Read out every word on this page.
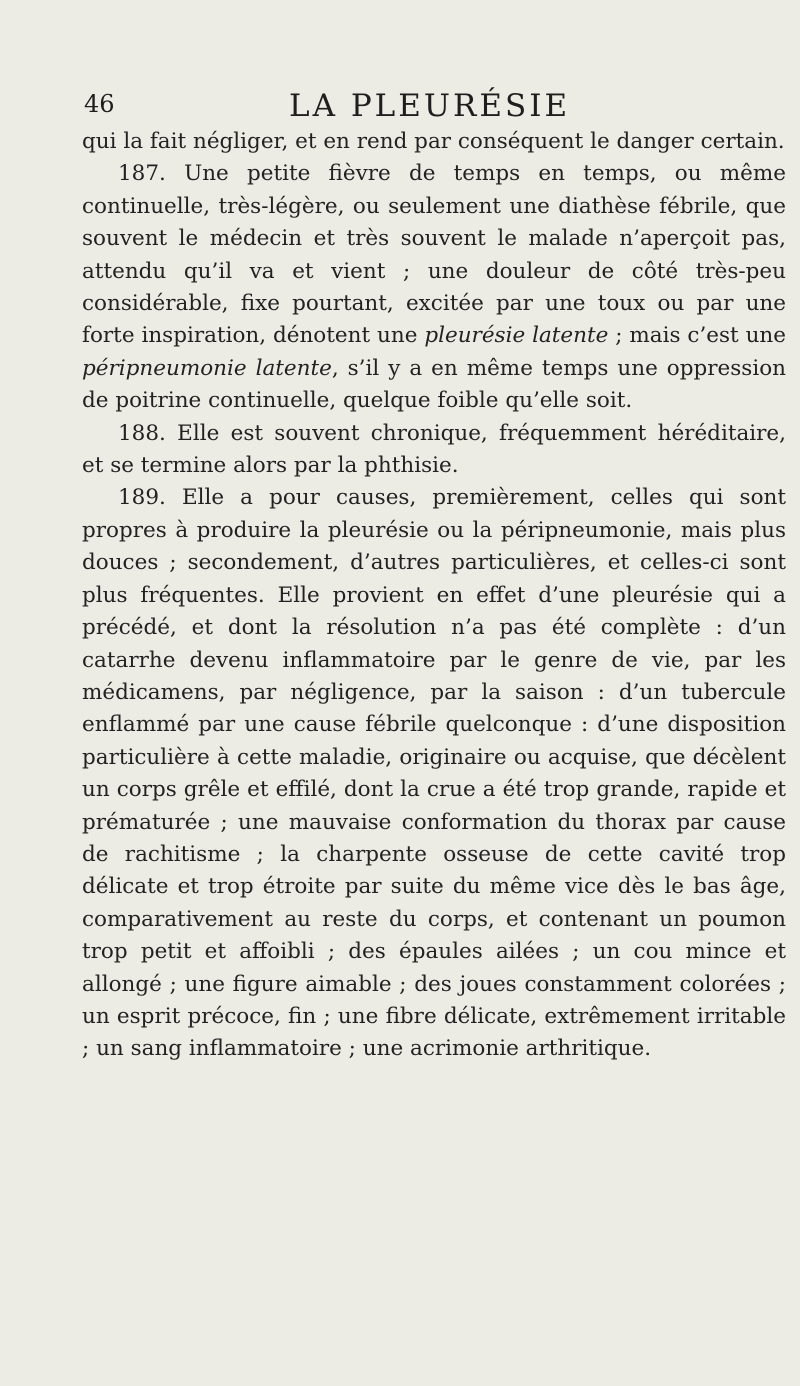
46	LA PLEURÉSIE

qui la fait négliger, et en rend par conséquent le danger certain.

187. Une petite fièvre de temps en temps, ou même continuelle, très-légère, ou seulement une diathèse fébrile, que souvent le médecin et très souvent le malade n’aperçoit pas, attendu qu’il va et vient ; une douleur de côté très-peu considérable, fixe pourtant, excitée par une toux ou par une forte inspiration, dénotent une pleurésie latente ; mais c’est une péripneumonie latente, s’il y a en même temps une oppression de poitrine continuelle, quelque foible qu’elle soit.

188. Elle est souvent chronique, fréquemment héréditaire, et se termine alors par la phthisie.

189. Elle a pour causes, premièrement, celles qui sont propres à produire la pleurésie ou la péripneumonie, mais plus douces ; secondement, d’autres particulières, et celles-ci sont plus fréquentes. Elle provient en effet d’une pleurésie qui a précédé, et dont la résolution n’a pas été complète : d’un catarrhe devenu inflammatoire par le genre de vie, par les médicamens, par négligence, par la saison : d’un tubercule enflammé par une cause fébrile quelconque : d’une disposition particulière à cette maladie, originaire ou acquise, que décèlent un corps grêle et effilé, dont la crue a été trop grande, rapide et prématurée ; une mauvaise conformation du thorax par cause de rachitisme ; la charpente osseuse de cette cavité trop délicate et trop étroite par suite du même vice dès le bas âge, comparativement au reste du corps, et contenant un poumon trop petit et affoibli ; des épaules ailées ; un cou mince et allongé ; une figure aimable ; des joues constamment colorées ; un esprit précoce, fin ; une fibre délicate, extrêmement irritable ; un sang inflammatoire ; une acrimonie arthritique.
